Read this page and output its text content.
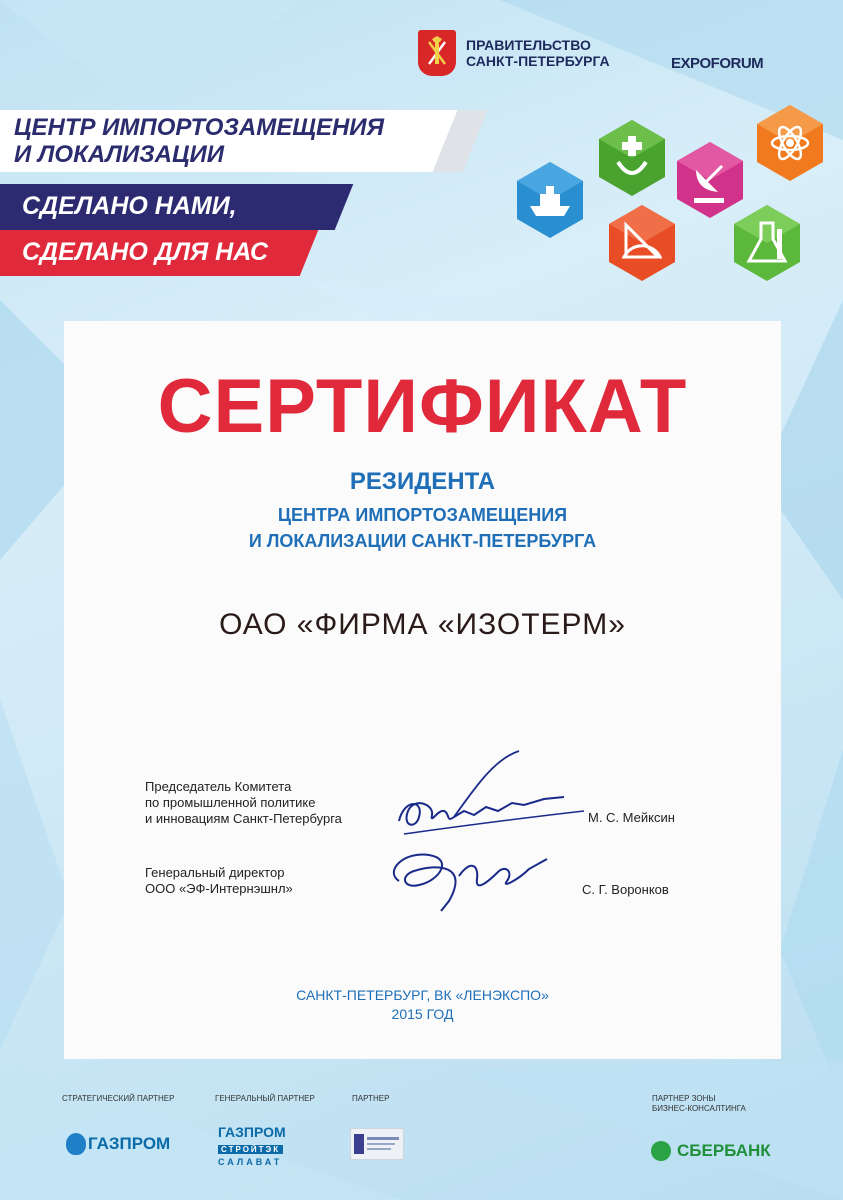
ПРАВИТЕЛЬСТВО
САНКТ-ПЕТЕРБУРГА	EXPOFORUM
ЦЕНТР ИМПОРТОЗАМЕЩЕНИЯ
И ЛОКАЛИЗАЦИИ
СДЕЛАНО НАМИ,
СДЕЛАНО ДЛЯ НАС
СЕРТИФИКАТ
РЕЗИДЕНТА
ЦЕНТРА ИМПОРТОЗАМЕЩЕНИЯ
И ЛОКАЛИЗАЦИИ САНКТ-ПЕТЕРБУРГА
ОАО «ФИРМА «ИЗОТЕРМ»
Председатель Комитета
по промышленной политике
и инновациям Санкт-Петербурга	М. С. Мейксин
Генеральный директор
ООО «ЭФ-Интернэшнл»	С. Г. Воронков
САНКТ-ПЕТЕРБУРГ, ВК «ЛЕНЭКСПО»
2015 ГОД
СТРАТЕГИЧЕСКИЙ ПАРТНЕР	ГЕНЕРАЛЬНЫЙ ПАРТНЕР	ПАРТНЕР	ПАРТНЕР ЗОНЫ
БИЗНЕС-КОНСАЛТИНГА
ГАЗПРОМ
ГАЗПРОМ
СТРОЙТЭК
САЛАВАТ
СБЕРБАНК
